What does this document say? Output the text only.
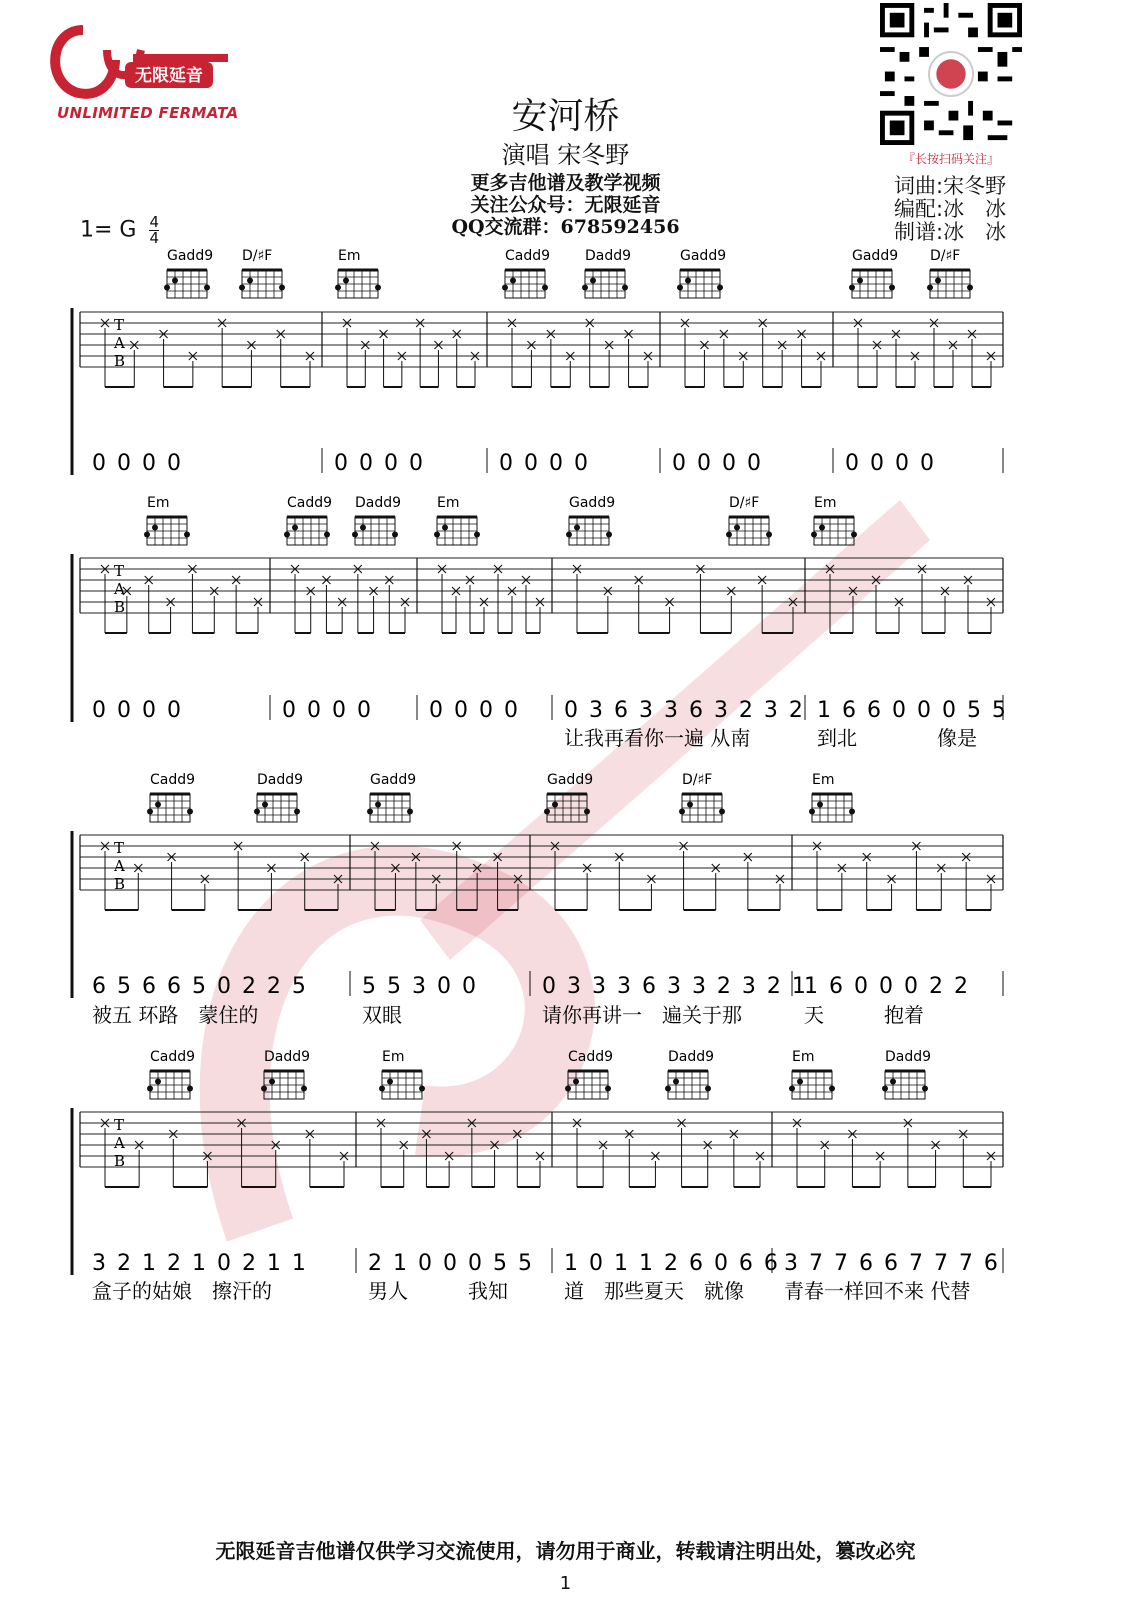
无限延音
UNLIMITED FERMATA	安河桥
演唱 宋冬野
更多吉他谱及教学视频
关注公众号：无限延音
QQ交流群：678592456
『长按扫码关注』
词曲:宋冬野
编配:冰　冰
制谱:冰　冰
1= G $\frac{4}{4}$
T
A
B
Gadd9 D/♯F	Em	Cadd9 Dadd9	Gadd9	Gadd9 D/♯F
0 0 0 0	0 0 0 0	0 0 0 0	0 0 0 0	0 0 0 0
T
A
B
Em	Cadd9 Dadd9	Em	Gadd9	D/♯F	Em
0 0 0 0	0 0 0 0	0 0 0 0 0 3 6 3 3 6 3 2 3 2 1 6 6 0 0 0 5 5
让我再看你一遍 从南	到北　　　　像是
T
A
B
Cadd9	Dadd9	Gadd9	Gadd9	D/♯F	Em
6 5 6 6 5 0 2 2 5 5 5 3 0 0	0 3 3 3 6 3 3 2 3 2 1
1 6 0 0 0 2 2
被五 环路　蒙住的	双眼	请你再讲一　遍关于那	天　　　抱着
T
A
B
Cadd9	Dadd9	Em	Cadd9	Dadd9	Em	Dadd9
3 2 1 2 1 0 2 1 1	2 1 0 0 0 5 5 1 0 1 1 2 6 0 6 6 3 7 7 6 6 7 7 7 6
盒子的姑娘　擦汗的	男人　　　我知	道　那些夏天　就像 青春一样回不来 代替
无限延音吉他谱仅供学习交流使用，请勿用于商业，转载请注明出处，篡改必究
1
